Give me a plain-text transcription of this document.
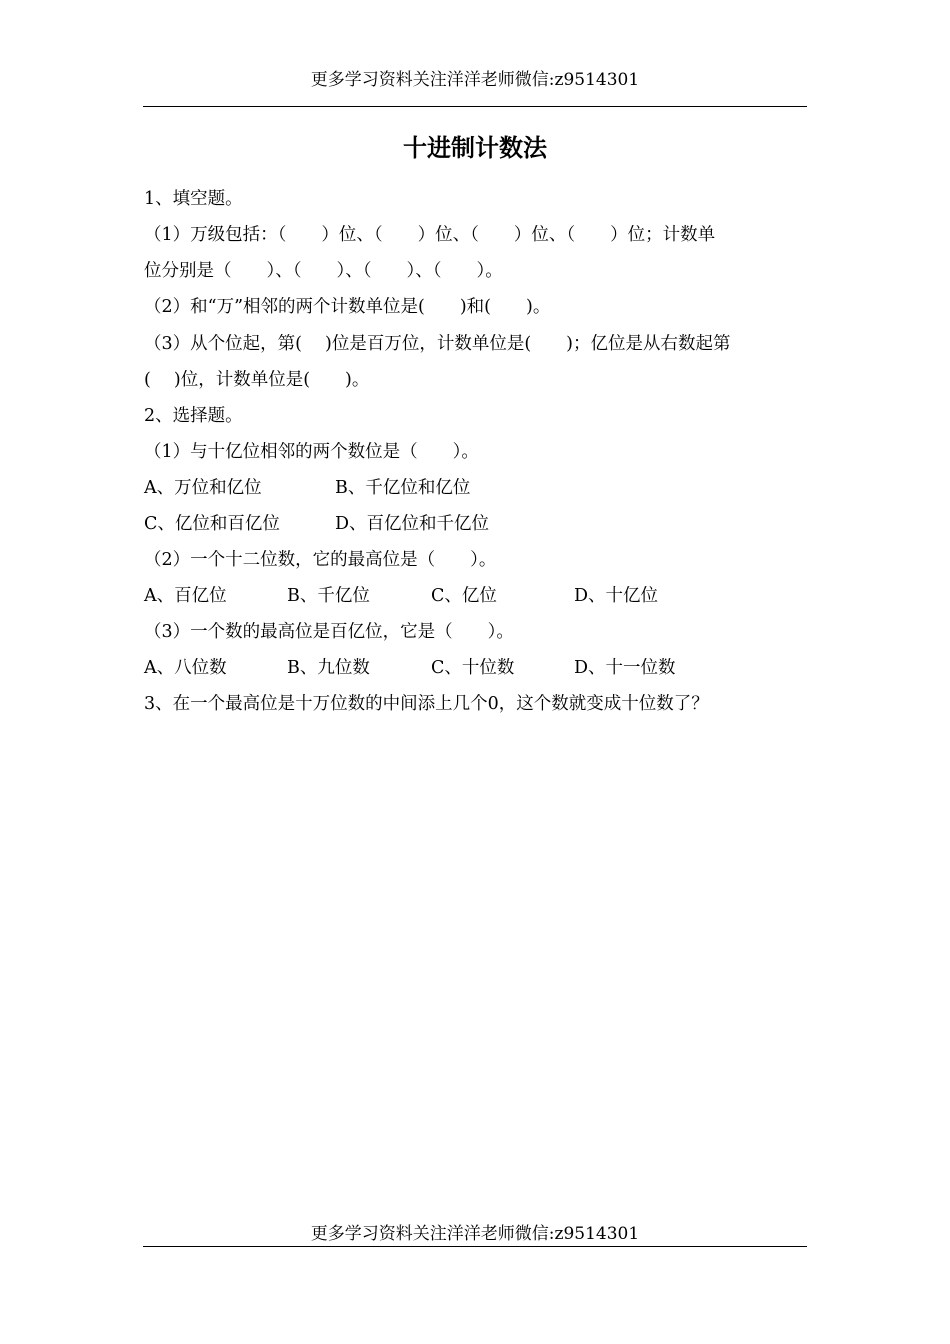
更多学习资料关注洋洋老师微信:z9514301
十进制计数法
1、填空题。
（1）万级包括：（　　）位、（　　）位、（　　）位、（　　）位；计数单
位分别是（　　）、（　　）、（　　）、（　　）。
（2）和“万”相邻的两个计数单位是(　　)和(　　)。
（3）从个位起，第(　 )位是百万位，计数单位是(　　)；亿位是从右数起第
(　 )位，计数单位是(　　)。
2、选择题。
（1）与十亿位相邻的两个数位是（　　）。
A、万位和亿位	B、千亿位和亿位
C、亿位和百亿位	D、百亿位和千亿位
（2）一个十二位数，它的最高位是（　　）。
A、百亿位	B、千亿位	C、亿位	D、十亿位
（3）一个数的最高位是百亿位，它是（　　）。
A、八位数	B、九位数	C、十位数	D、十一位数
3、在一个最高位是十万位数的中间添上几个0，这个数就变成十位数了？
更多学习资料关注洋洋老师微信:z9514301
